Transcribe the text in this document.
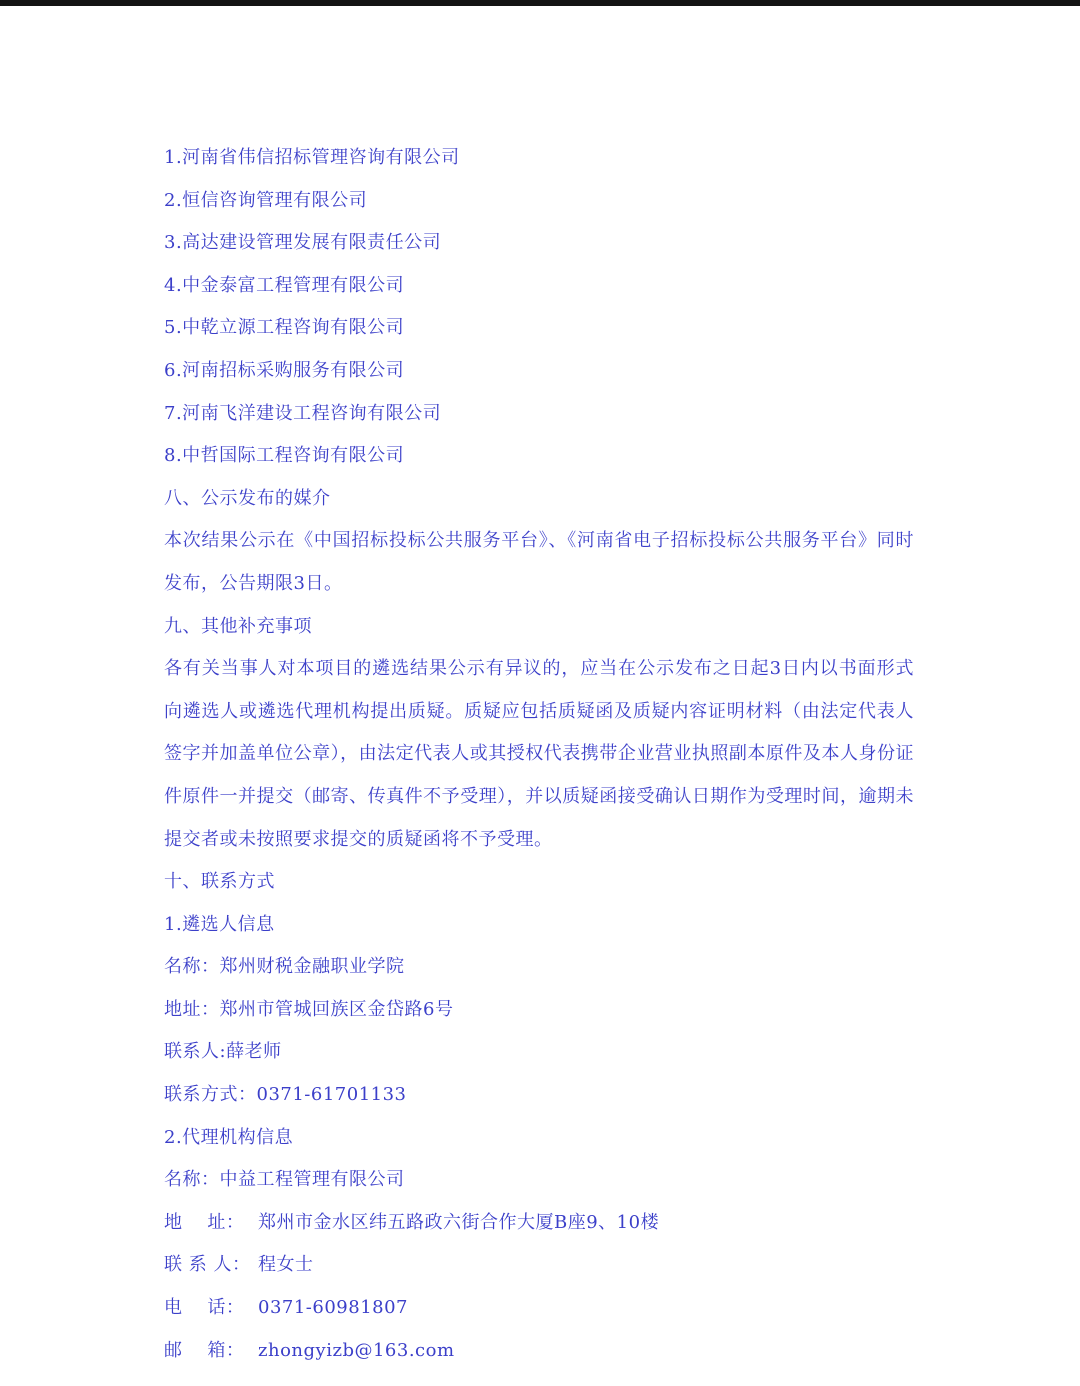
1.河南省伟信招标管理咨询有限公司
2.恒信咨询管理有限公司
3.高达建设管理发展有限责任公司
4.中金泰富工程管理有限公司
5.中乾立源工程咨询有限公司
6.河南招标采购服务有限公司
7.河南飞洋建设工程咨询有限公司
8.中哲国际工程咨询有限公司
八、公示发布的媒介
本次结果公示在《中国招标投标公共服务平台》、《河南省电子招标投标公共服务平台》同时发布，公告期限3日。
九、其他补充事项
各有关当事人对本项目的遴选结果公示有异议的，应当在公示发布之日起3日内以书面形式向遴选人或遴选代理机构提出质疑。质疑应包括质疑函及质疑内容证明材料（由法定代表人签字并加盖单位公章），由法定代表人或其授权代表携带企业营业执照副本原件及本人身份证件原件一并提交（邮寄、传真件不予受理），并以质疑函接受确认日期作为受理时间，逾期未提交者或未按照要求提交的质疑函将不予受理。
十、联系方式
1.遴选人信息
名称：郑州财税金融职业学院
地址：郑州市管城回族区金岱路6号
联系人:薛老师
联系方式：0371-61701133
2.代理机构信息
名称：中益工程管理有限公司
地    址： 郑州市金水区纬五路政六街合作大厦B座9、10楼
联 系 人： 程女士
电    话： 0371-60981807
邮    箱： zhongyizb@163.com
